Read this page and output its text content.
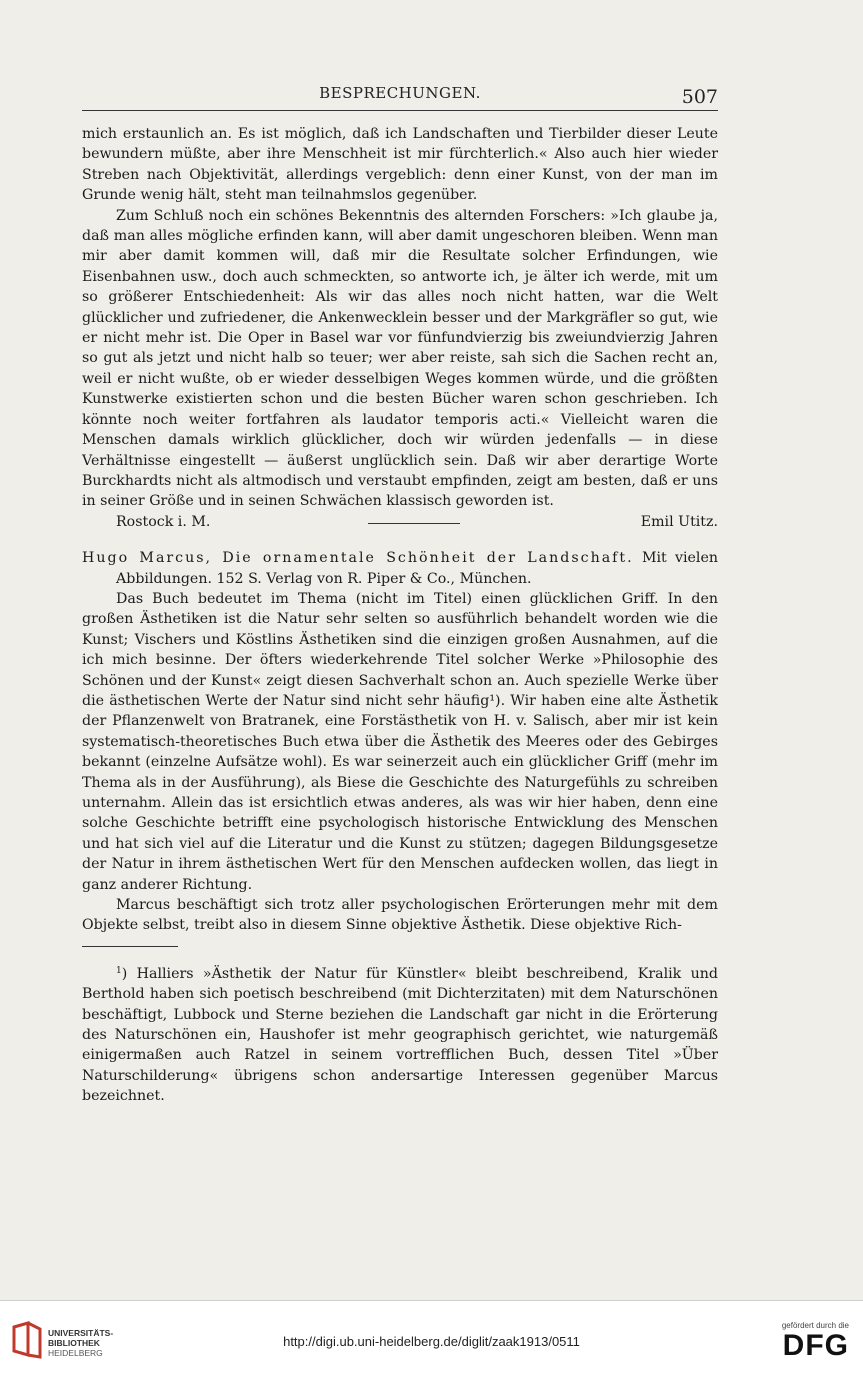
BESPRECHUNGEN.	507

mich erstaunlich an. Es ist möglich, daß ich Landschaften und Tierbilder dieser Leute bewundern müßte, aber ihre Menschheit ist mir fürchterlich.« Also auch hier wieder Streben nach Objektivität, allerdings vergeblich: denn einer Kunst, von der man im Grunde wenig hält, steht man teilnahmslos gegenüber.

Zum Schluß noch ein schönes Bekenntnis des alternden Forschers: »Ich glaube ja, daß man alles mögliche erfinden kann, will aber damit ungeschoren bleiben. Wenn man mir aber damit kommen will, daß mir die Resultate solcher Erfindungen, wie Eisenbahnen usw., doch auch schmeckten, so antworte ich, je älter ich werde, mit um so größerer Entschiedenheit: Als wir das alles noch nicht hatten, war die Welt glücklicher und zufriedener, die Ankenwecklein besser und der Markgräfler so gut, wie er nicht mehr ist. Die Oper in Basel war vor fünfundvierzig bis zweiundvierzig Jahren so gut als jetzt und nicht halb so teuer; wer aber reiste, sah sich die Sachen recht an, weil er nicht wußte, ob er wieder desselbigen Weges kommen würde, und die größten Kunstwerke existierten schon und die besten Bücher waren schon geschrieben. Ich könnte noch weiter fortfahren als laudator temporis acti.« Vielleicht waren die Menschen damals wirklich glücklicher, doch wir würden jedenfalls — in diese Verhältnisse eingestellt — äußerst unglücklich sein. Daß wir aber derartige Worte Burckhardts nicht als altmodisch und verstaubt empfinden, zeigt am besten, daß er uns in seiner Größe und in seinen Schwächen klassisch geworden ist.

Rostock i. M.	Emil Utitz.

Hugo Marcus, Die ornamentale Schönheit der Landschaft. Mit vielen Abbildungen. 152 S. Verlag von R. Piper & Co., München.

Das Buch bedeutet im Thema (nicht im Titel) einen glücklichen Griff. In den großen Ästhetiken ist die Natur sehr selten so ausführlich behandelt worden wie die Kunst; Vischers und Köstlins Ästhetiken sind die einzigen großen Ausnahmen, auf die ich mich besinne. Der öfters wiederkehrende Titel solcher Werke »Philosophie des Schönen und der Kunst« zeigt diesen Sachverhalt schon an. Auch spezielle Werke über die ästhetischen Werte der Natur sind nicht sehr häufig¹). Wir haben eine alte Ästhetik der Pflanzenwelt von Bratranek, eine Forstästhetik von H. v. Salisch, aber mir ist kein systematisch-theoretisches Buch etwa über die Ästhetik des Meeres oder des Gebirges bekannt (einzelne Aufsätze wohl). Es war seinerzeit auch ein glücklicher Griff (mehr im Thema als in der Ausführung), als Biese die Geschichte des Naturgefühls zu schreiben unternahm. Allein das ist ersichtlich etwas anderes, als was wir hier haben, denn eine solche Geschichte betrifft eine psychologisch historische Entwicklung des Menschen und hat sich viel auf die Literatur und die Kunst zu stützen; dagegen Bildungsgesetze der Natur in ihrem ästhetischen Wert für den Menschen aufdecken wollen, das liegt in ganz anderer Richtung.

Marcus beschäftigt sich trotz aller psychologischen Erörterungen mehr mit dem Objekte selbst, treibt also in diesem Sinne objektive Ästhetik. Diese objektive Rich-

$^1$) Halliers »Ästhetik der Natur für Künstler« bleibt beschreibend, Kralik und Berthold haben sich poetisch beschreibend (mit Dichterzitaten) mit dem Naturschönen beschäftigt, Lubbock und Sterne beziehen die Landschaft gar nicht in die Erörterung des Naturschönen ein, Haushofer ist mehr geographisch gerichtet, wie naturgemäß einigermaßen auch Ratzel in seinem vortrefflichen Buch, dessen Titel »Über Naturschilderung« übrigens schon andersartige Interessen gegenüber Marcus bezeichnet.

UNIVERSITÄTS-
BIBLIOTHEK
HEIDELBERG
http://digi.ub.uni-heidelberg.de/diglit/zaak1913/0511
gefördert durch die
DFG
